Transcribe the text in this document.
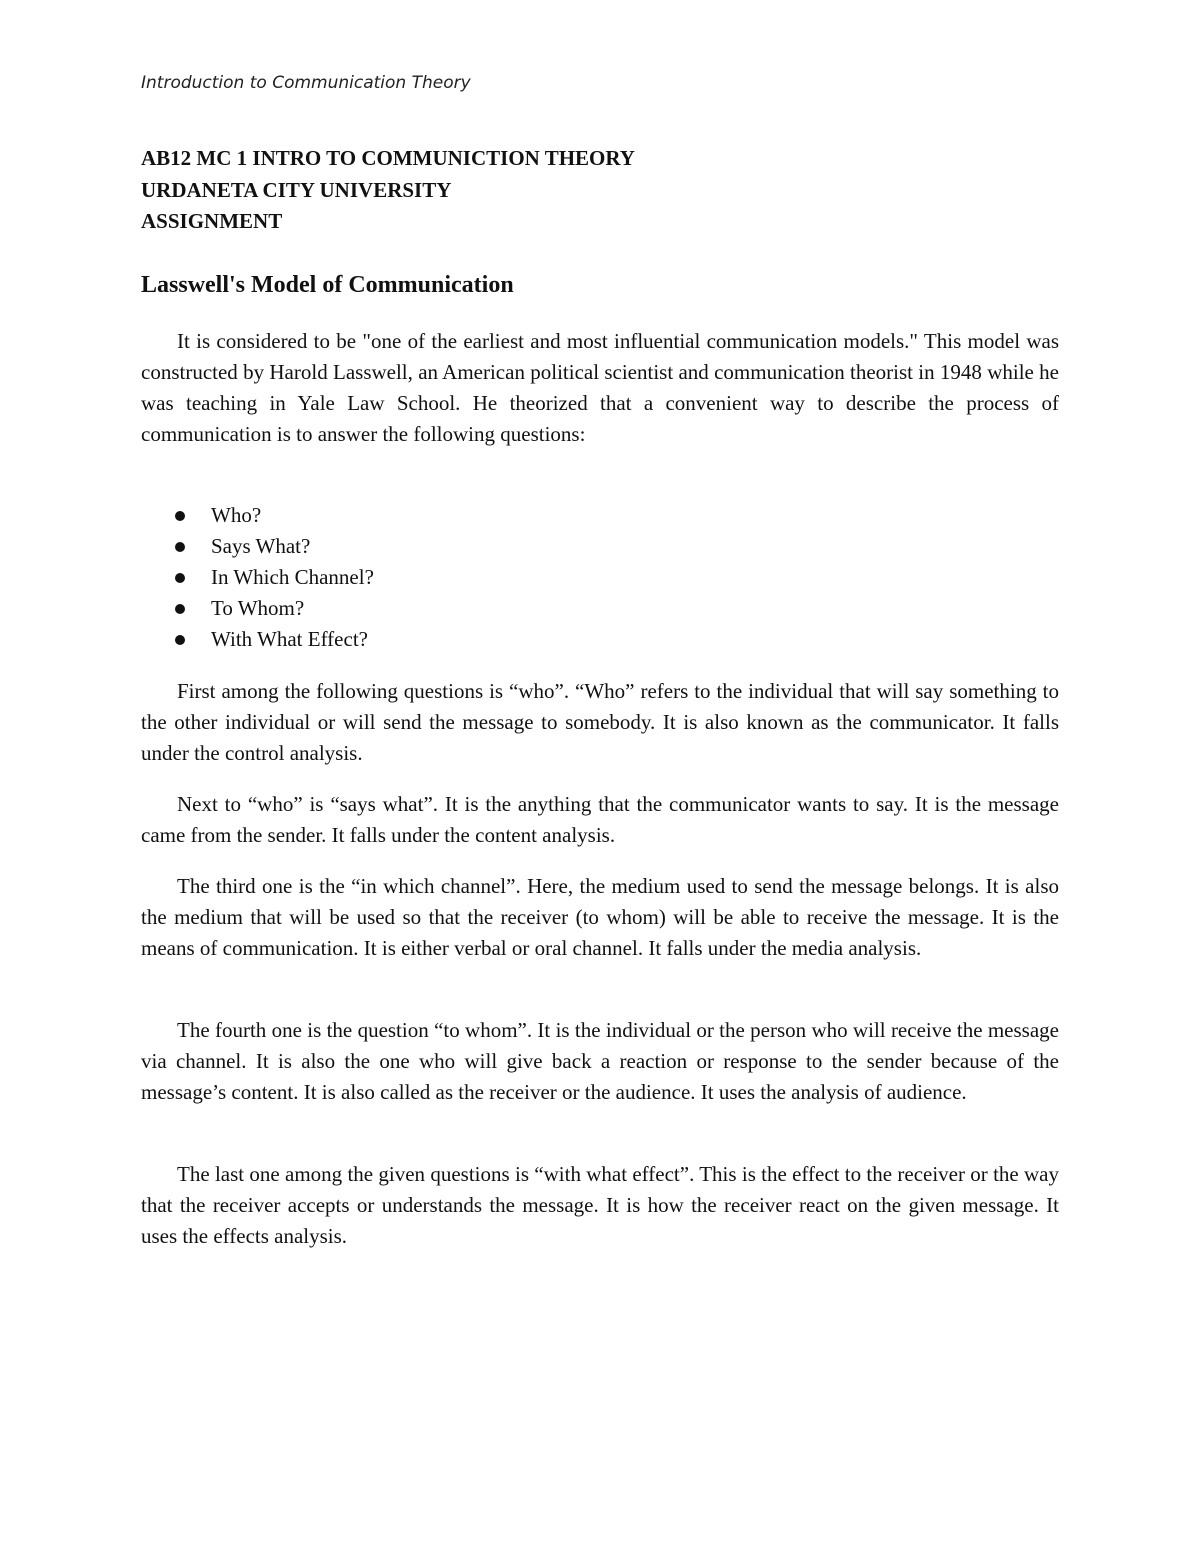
Introduction to Communication Theory
AB12 MC 1 INTRO TO COMMUNICTION THEORY
URDANETA CITY UNIVERSITY
ASSIGNMENT
Lasswell's Model of Communication

It is considered to be "one of the earliest and most influential communication models." This model was constructed by Harold Lasswell, an American political scientist and communication theorist in 1948 while he was teaching in Yale Law School. He theorized that a convenient way to describe the process of communication is to answer the following questions:

Who?
Says What?
In Which Channel?
To Whom?
With What Effect?

First among the following questions is “who”. “Who” refers to the individual that will say something to the other individual or will send the message to somebody. It is also known as the communicator. It falls under the control analysis.

Next to “who” is “says what”. It is the anything that the communicator wants to say. It is the message came from the sender. It falls under the content analysis.

The third one is the “in which channel”. Here, the medium used to send the message belongs. It is also the medium that will be used so that the receiver (to whom) will be able to receive the message. It is the means of communication. It is either verbal or oral channel. It falls under the media analysis.

The fourth one is the question “to whom”. It is the individual or the person who will receive the message via channel. It is also the one who will give back a reaction or response to the sender because of the message’s content. It is also called as the receiver or the audience. It uses the analysis of audience.

The last one among the given questions is “with what effect”. This is the effect to the receiver or the way that the receiver accepts or understands the message. It is how the receiver react on the given message. It uses the effects analysis.
